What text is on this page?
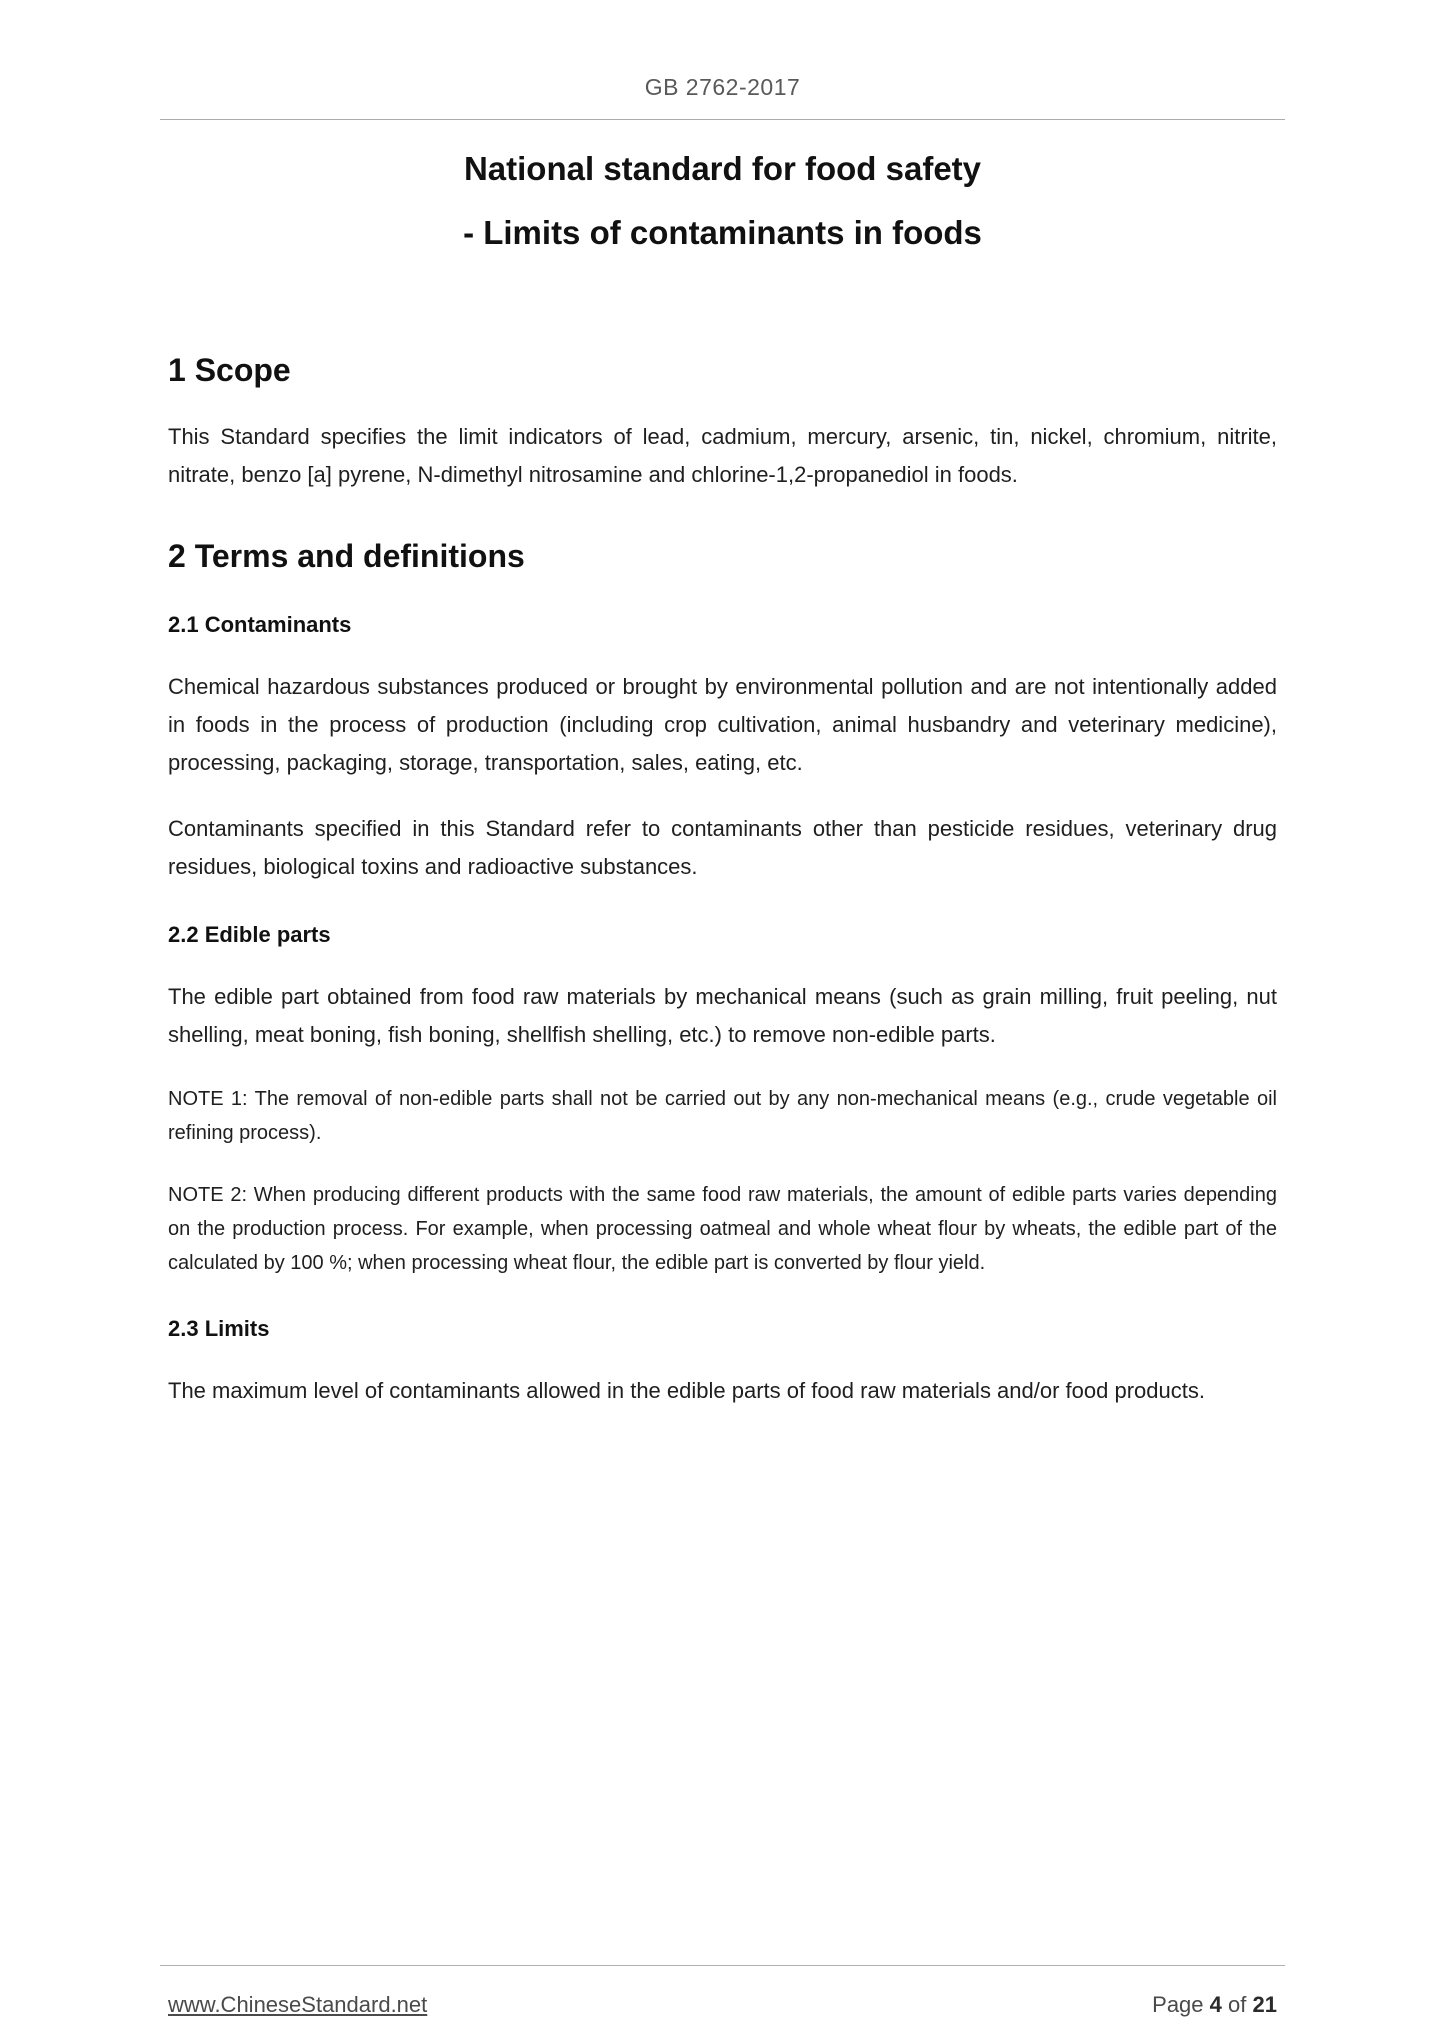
GB 2762-2017
National standard for food safety
- Limits of contaminants in foods
1 Scope

This Standard specifies the limit indicators of lead, cadmium, mercury, arsenic, tin, nickel, chromium, nitrite, nitrate, benzo [a] pyrene, N-dimethyl nitrosamine and chlorine-1,2-propanediol in foods.

2 Terms and definitions
2.1 Contaminants

Chemical hazardous substances produced or brought by environmental pollution and are not intentionally added in foods in the process of production (including crop cultivation, animal husbandry and veterinary medicine), processing, packaging, storage, transportation, sales, eating, etc.

Contaminants specified in this Standard refer to contaminants other than pesticide residues, veterinary drug residues, biological toxins and radioactive substances.

2.2 Edible parts

The edible part obtained from food raw materials by mechanical means (such as grain milling, fruit peeling, nut shelling, meat boning, fish boning, shellfish shelling, etc.) to remove non-edible parts.

NOTE 1: The removal of non-edible parts shall not be carried out by any non-mechanical means (e.g., crude vegetable oil refining process).

NOTE 2: When producing different products with the same food raw materials, the amount of edible parts varies depending on the production process. For example, when processing oatmeal and whole wheat flour by wheats, the edible part of the calculated by 100 %; when processing wheat flour, the edible part is converted by flour yield.

2.3 Limits

The maximum level of contaminants allowed in the edible parts of food raw materials and/or food products.

www.ChineseStandard.net	Page 4 of 21
